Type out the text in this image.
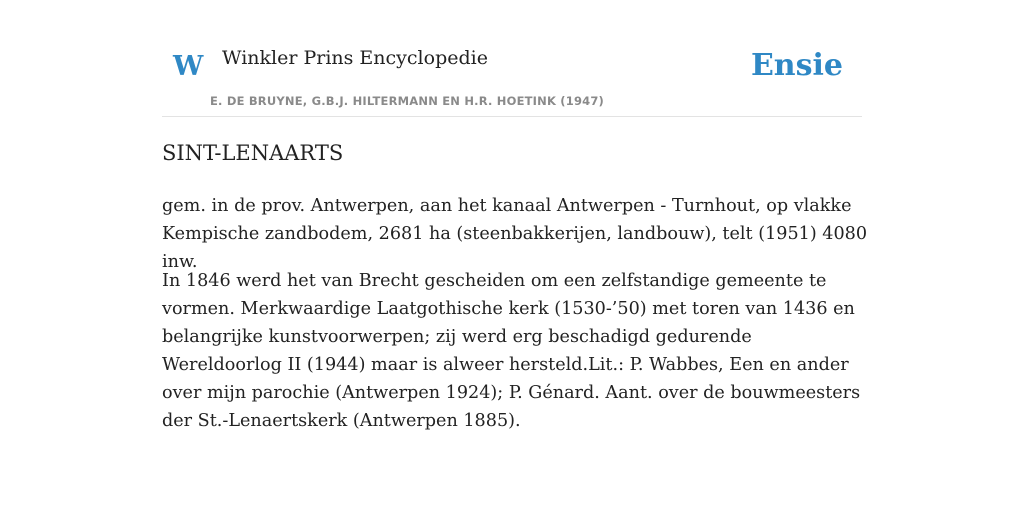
W Winkler Prins Encyclopedie
E. DE BRUYNE, G.B.J. HILTERMANN EN H.R. HOETINK (1947)
Ensie
SINT-LENAARTS

gem. in de prov. Antwerpen, aan het kanaal Antwerpen - Turnhout, op vlakke Kempische zandbodem, 2681 ha (steenbakkerijen, landbouw), telt (1951) 4080 inw.

In 1846 werd het van Brecht gescheiden om een zelfstandige gemeente te vormen. Merkwaardige Laatgothische kerk (1530-’50) met toren van 1436 en belangrijke kunstvoorwerpen; zij werd erg beschadigd gedurende Wereldoorlog II (1944) maar is alweer hersteld.Lit.: P. Wabbes, Een en ander over mijn parochie (Antwerpen 1924); P. Génard. Aant. over de bouwmeesters der St.-Lenaertskerk (Antwerpen 1885).
